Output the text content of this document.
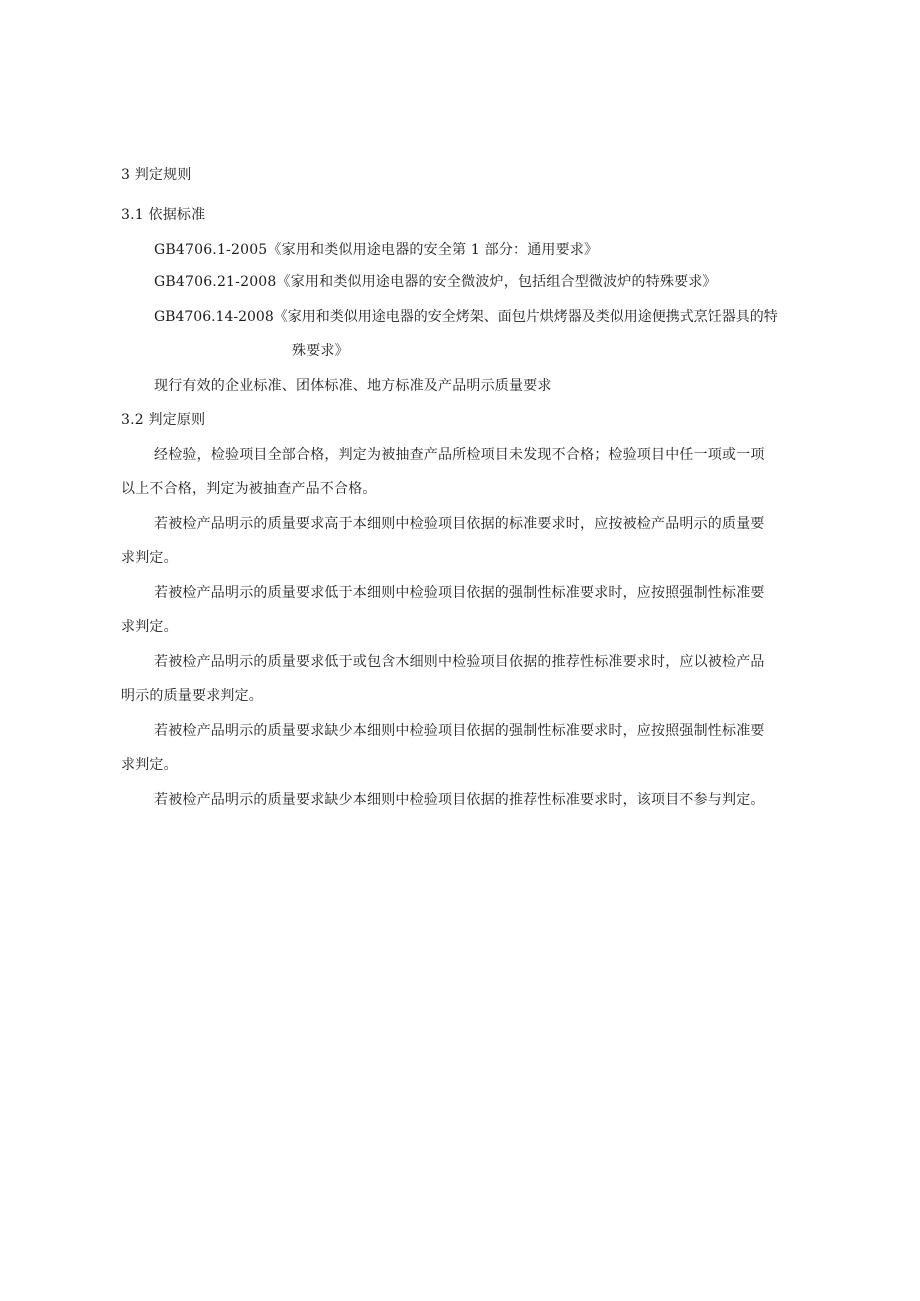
3 判定规则

3.1 依据标准

GB4706.1-2005《家用和类似用途电器的安全第 1 部分：通用要求》

GB4706.21-2008《家用和类似用途电器的安全微波炉，包括组合型微波炉的特殊要求》

GB4706.14-2008《家用和类似用途电器的安全烤架、面包片烘烤器及类似用途便携式烹饪器具的特

殊要求》

现行有效的企业标准、团体标准、地方标准及产品明示质量要求

3.2 判定原则

经检验，检验项目全部合格，判定为被抽查产品所检项目未发现不合格；检验项目中任一项或一项

以上不合格，判定为被抽查产品不合格。

若被检产品明示的质量要求高于本细则中检验项目依据的标准要求时，应按被检产品明示的质量要

求判定。

若被检产品明示的质量要求低于本细则中检验项目依据的强制性标准要求时，应按照强制性标准要

求判定。

若被检产品明示的质量要求低于或包含木细则中检验项目依据的推荐性标准要求时，应以被检产品

明示的质量要求判定。

若被检产品明示的质量要求缺少本细则中检验项目依据的强制性标准要求时，应按照强制性标准要

求判定。

若被检产品明示的质量要求缺少本细则中检验项目依据的推荐性标准要求时，该项目不参与判定。
